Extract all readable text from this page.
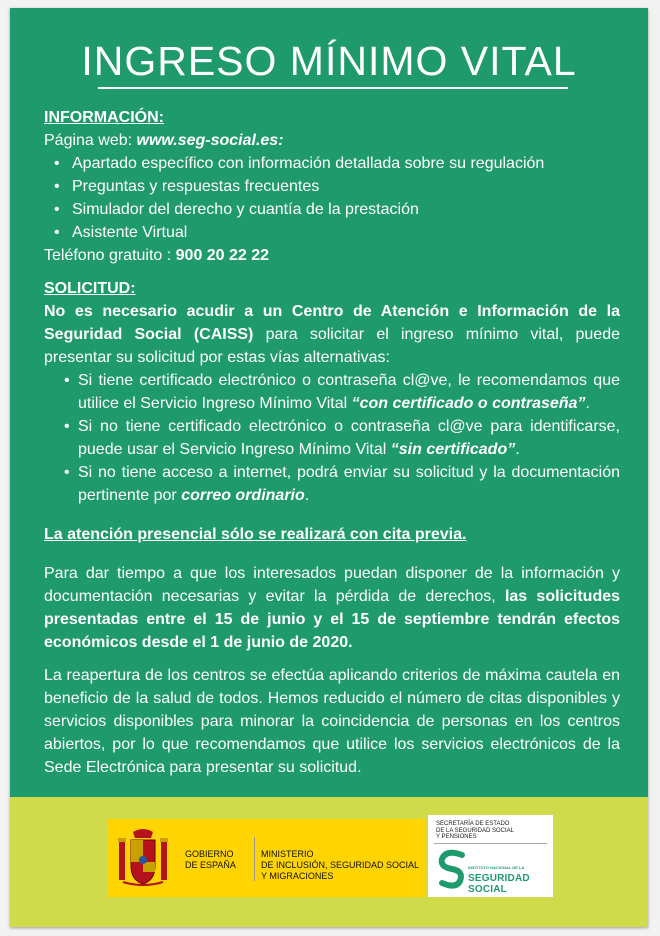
INGRESO MÍNIMO VITAL
INFORMACIÓN:
Página web: www.seg-social.es:
• Apartado específico con información detallada sobre su regulación
• Preguntas y respuestas frecuentes
• Simulador del derecho y cuantía de la prestación
• Asistente Virtual
Teléfono gratuito : 900 20 22 22
SOLICITUD:
No es necesario acudir a un Centro de Atención e Información de la Seguridad Social (CAISS) para solicitar el ingreso mínimo vital, puede presentar su solicitud por estas vías alternativas:
• Si tiene certificado electrónico o contraseña cl@ve, le recomendamos que utilice el Servicio Ingreso Mínimo Vital “con certificado o contraseña”.
• Si no tiene certificado electrónico o contraseña cl@ve para identificarse, puede usar el Servicio Ingreso Mínimo Vital “sin certificado”.
• Si no tiene acceso a internet, podrá enviar su solicitud y la documentación pertinente por correo ordinario.
La atención presencial sólo se realizará con cita previa.
Para dar tiempo a que los interesados puedan disponer de la información y documentación necesarias y evitar la pérdida de derechos, las solicitudes presentadas entre el 15 de junio y el 15 de septiembre tendrán efectos económicos desde el 1 de junio de 2020.
La reapertura de los centros se efectúa aplicando criterios de máxima cautela en beneficio de la salud de todos. Hemos reducido el número de citas disponibles y servicios disponibles para minorar la coincidencia de personas en los centros abiertos, por lo que recomendamos que utilice los servicios electrónicos de la Sede Electrónica para presentar su solicitud.
GOBIERNO
DE ESPAÑA
MINISTERIO
DE INCLUSIÓN, SEGURIDAD SOCIAL
Y MIGRACIONES
SECRETARÍA DE ESTADO
DE LA SEGURIDAD SOCIAL
Y PENSIONES
INSTITUTO NACIONAL DE LA
SEGURIDAD SOCIAL
